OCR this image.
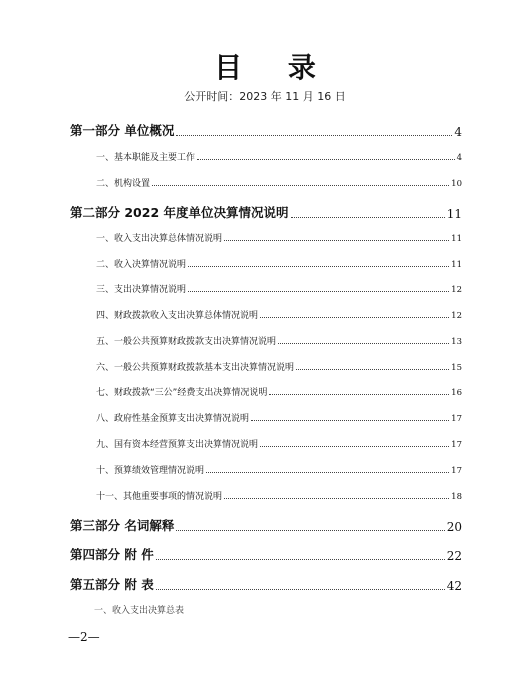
目 录
公开时间：2023 年 11 月 16 日
第一部分 单位概况	4
一、基本职能及主要工作	4
二、机构设置	10
第二部分 2022 年度单位决算情况说明	11
一、收入支出决算总体情况说明	11
二、收入决算情况说明	11
三、支出决算情况说明	12
四、财政拨款收入支出决算总体情况说明	12
五、一般公共预算财政拨款支出决算情况说明	13
六、一般公共预算财政拨款基本支出决算情况说明	15
七、财政拨款“三公”经费支出决算情况说明	16
八、政府性基金预算支出决算情况说明	17
九、国有资本经营预算支出决算情况说明	17
十、预算绩效管理情况说明	17
十一、其他重要事项的情况说明	18
第三部分 名词解释	20
第四部分 附 件	22
第五部分 附 表	42
一、收入支出决算总表
—2—
